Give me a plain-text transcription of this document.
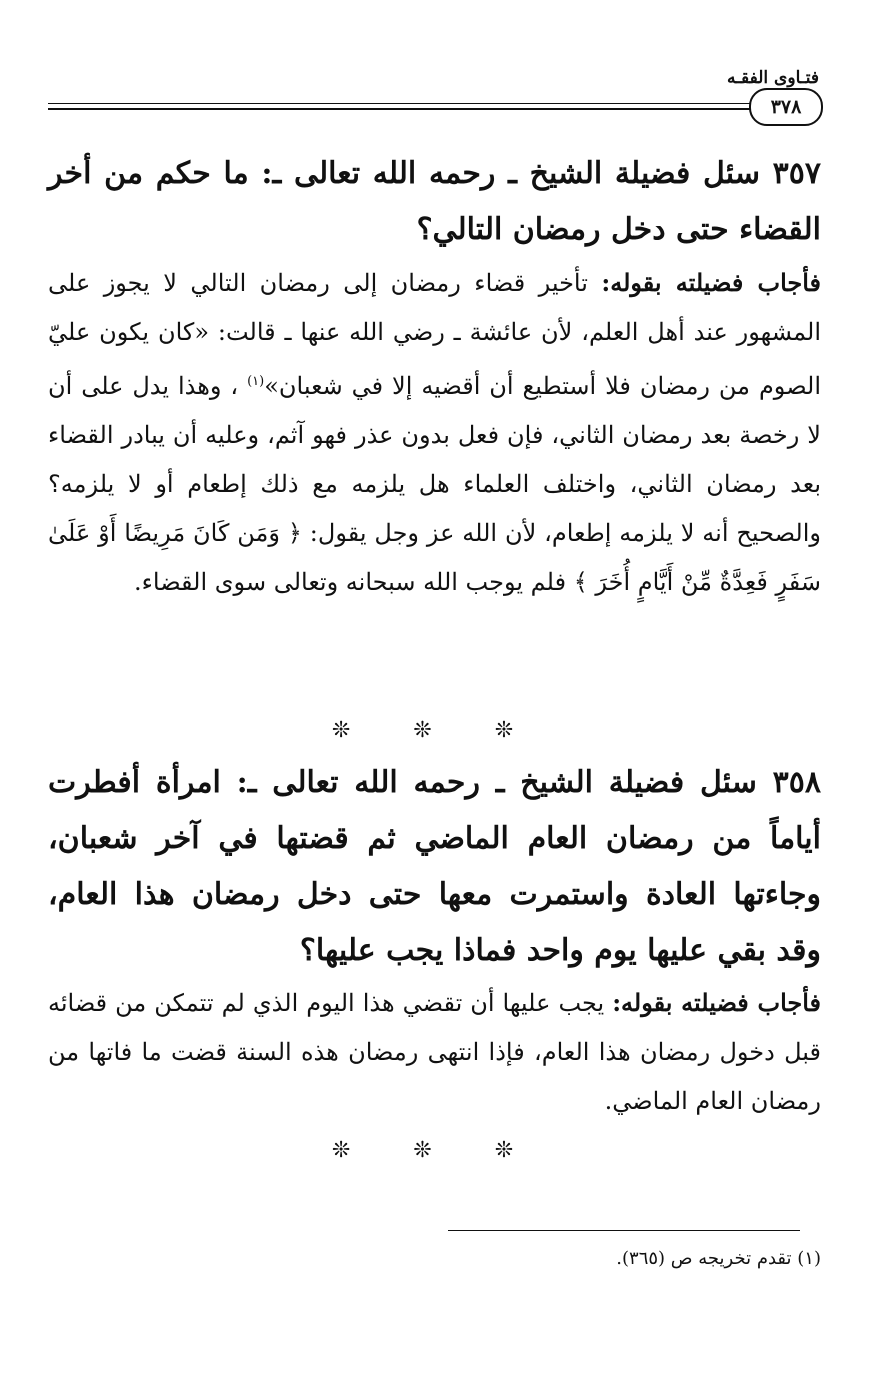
فتـاوى الفقـه
٣٧٨
٣٥٧ سئل فضيلة الشيخ ـ رحمه الله تعالى ـ: ما حكم من أخر القضاء حتى دخل رمضان التالي؟
فأجاب فضيلته بقوله: تأخير قضاء رمضان إلى رمضان التالي لا يجوز على المشهور عند أهل العلم، لأن عائشة ـ رضي الله عنها ـ قالت: «كان يكون عليّ الصوم من رمضان فلا أستطيع أن أقضيه إلا في شعبان»$^{(١)}$ ، وهذا يدل على أن لا رخصة بعد رمضان الثاني، فإن فعل بدون عذر فهو آثم، وعليه أن يبادر القضاء بعد رمضان الثاني، واختلف العلماء هل يلزمه مع ذلك إطعام أو لا يلزمه؟ والصحيح أنه لا يلزمه إطعام، لأن الله عز وجل يقول: ﴿ وَمَن كَانَ مَرِيضًا أَوْ عَلَىٰ سَفَرٍ فَعِدَّةٌ مِّنْ أَيَّامٍ أُخَرَ ﴾ فلم يوجب الله سبحانه وتعالى سوى القضاء.
❊ ❊ ❊
٣٥٨ سئل فضيلة الشيخ ـ رحمه الله تعالى ـ: امرأة أفطرت أياماً من رمضان العام الماضي ثم قضتها في آخر شعبان، وجاءتها العادة واستمرت معها حتى دخل رمضان هذا العام، وقد بقي عليها يوم واحد فماذا يجب عليها؟
فأجاب فضيلته بقوله: يجب عليها أن تقضي هذا اليوم الذي لم تتمكن من قضائه قبل دخول رمضان هذا العام، فإذا انتهى رمضان هذه السنة قضت ما فاتها من رمضان العام الماضي.
❊ ❊ ❊
(١) تقدم تخريجه ص (٣٦٥).
